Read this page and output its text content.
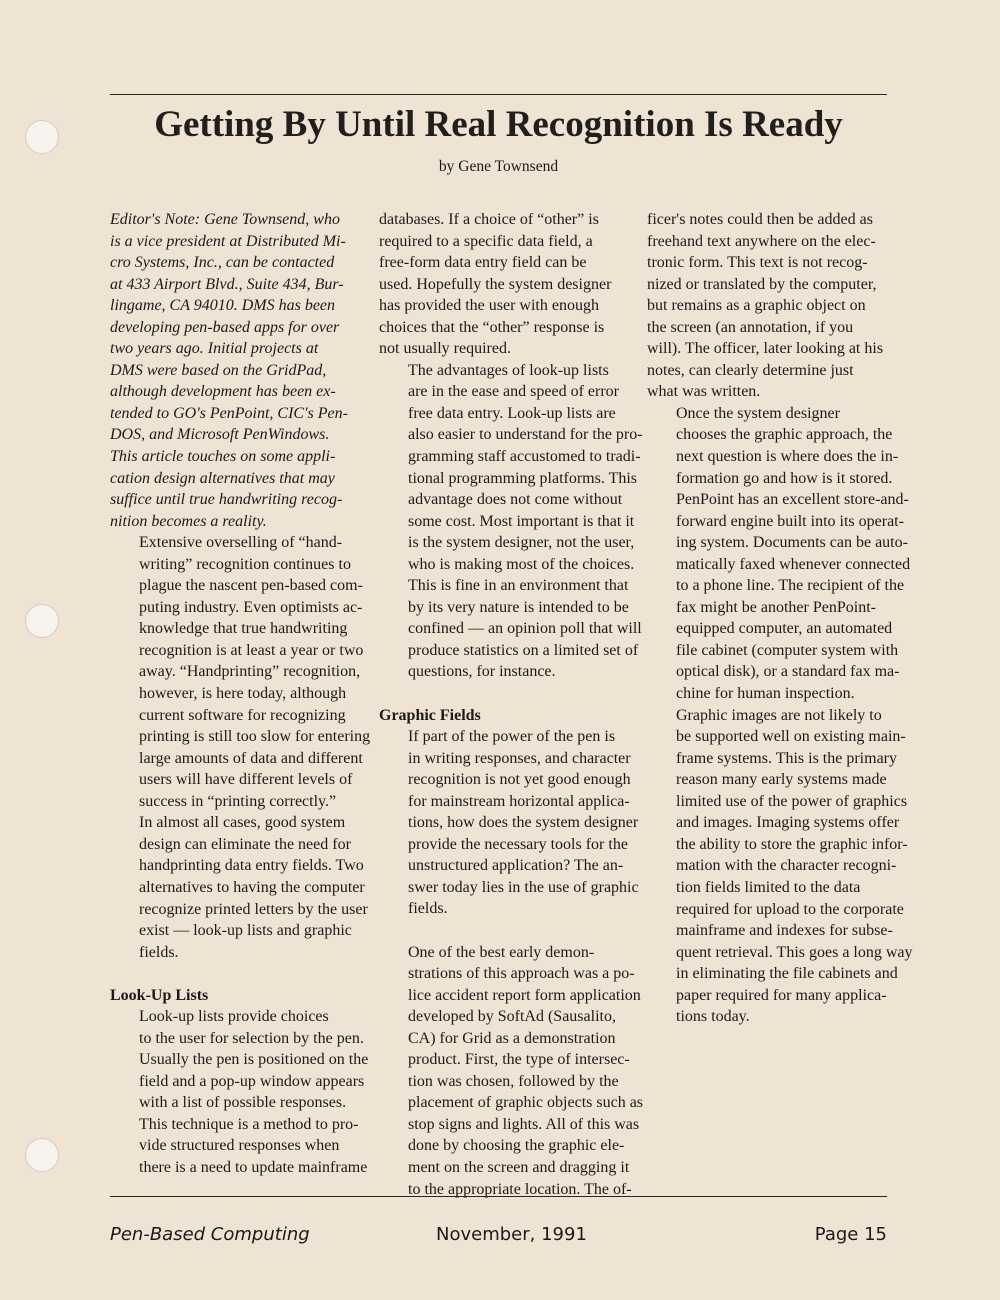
Getting By Until Real Recognition Is Ready
by Gene Townsend

Editor's Note: Gene Townsend, who
is a vice president at Distributed Mi-
cro Systems, Inc., can be contacted
at 433 Airport Blvd., Suite 434, Bur-
lingame, CA 94010. DMS has been
developing pen-based apps for over
two years ago. Initial projects at
DMS were based on the GridPad,
although development has been ex-
tended to GO's PenPoint, CIC's Pen-
DOS, and Microsoft PenWindows.
This article touches on some appli-
cation design alternatives that may
suffice until true handwriting recog-
nition becomes a reality.

Extensive overselling of “hand-
writing” recognition continues to
plague the nascent pen-based com-
puting industry. Even optimists ac-
knowledge that true handwriting
recognition is at least a year or two
away. “Handprinting” recognition,
however, is here today, although
current software for recognizing
printing is still too slow for entering
large amounts of data and different
users will have different levels of
success in “printing correctly.”

In almost all cases, good system
design can eliminate the need for
handprinting data entry fields. Two
alternatives to having the computer
recognize printed letters by the user
exist — look-up lists and graphic
fields.

Look-Up Lists

Look-up lists provide choices
to the user for selection by the pen.
Usually the pen is positioned on the
field and a pop-up window appears
with a list of possible responses.
This technique is a method to pro-
vide structured responses when
there is a need to update mainframe

databases. If a choice of “other” is
required to a specific data field, a
free-form data entry field can be
used. Hopefully the system designer
has provided the user with enough
choices that the “other” response is
not usually required.

The advantages of look-up lists
are in the ease and speed of error
free data entry. Look-up lists are
also easier to understand for the pro-
gramming staff accustomed to tradi-
tional programming platforms. This
advantage does not come without
some cost. Most important is that it
is the system designer, not the user,
who is making most of the choices.
This is fine in an environment that
by its very nature is intended to be
confined — an opinion poll that will
produce statistics on a limited set of
questions, for instance.

Graphic Fields

If part of the power of the pen is
in writing responses, and character
recognition is not yet good enough
for mainstream horizontal applica-
tions, how does the system designer
provide the necessary tools for the
unstructured application? The an-
swer today lies in the use of graphic
fields.

One of the best early demon-
strations of this approach was a po-
lice accident report form application
developed by SoftAd (Sausalito,
CA) for Grid as a demonstration
product. First, the type of intersec-
tion was chosen, followed by the
placement of graphic objects such as
stop signs and lights. All of this was
done by choosing the graphic ele-
ment on the screen and dragging it
to the appropriate location. The of-

ficer's notes could then be added as
freehand text anywhere on the elec-
tronic form. This text is not recog-
nized or translated by the computer,
but remains as a graphic object on
the screen (an annotation, if you
will). The officer, later looking at his
notes, can clearly determine just
what was written.

Once the system designer
chooses the graphic approach, the
next question is where does the in-
formation go and how is it stored.
PenPoint has an excellent store-and-
forward engine built into its operat-
ing system. Documents can be auto-
matically faxed whenever connected
to a phone line. The recipient of the
fax might be another PenPoint-
equipped computer, an automated
file cabinet (computer system with
optical disk), or a standard fax ma-
chine for human inspection.

Graphic images are not likely to
be supported well on existing main-
frame systems. This is the primary
reason many early systems made
limited use of the power of graphics
and images. Imaging systems offer
the ability to store the graphic infor-
mation with the character recogni-
tion fields limited to the data
required for upload to the corporate
mainframe and indexes for subse-
quent retrieval. This goes a long way
in eliminating the file cabinets and
paper required for many applica-
tions today.

Pen-Based Computing	November, 1991	Page 15
